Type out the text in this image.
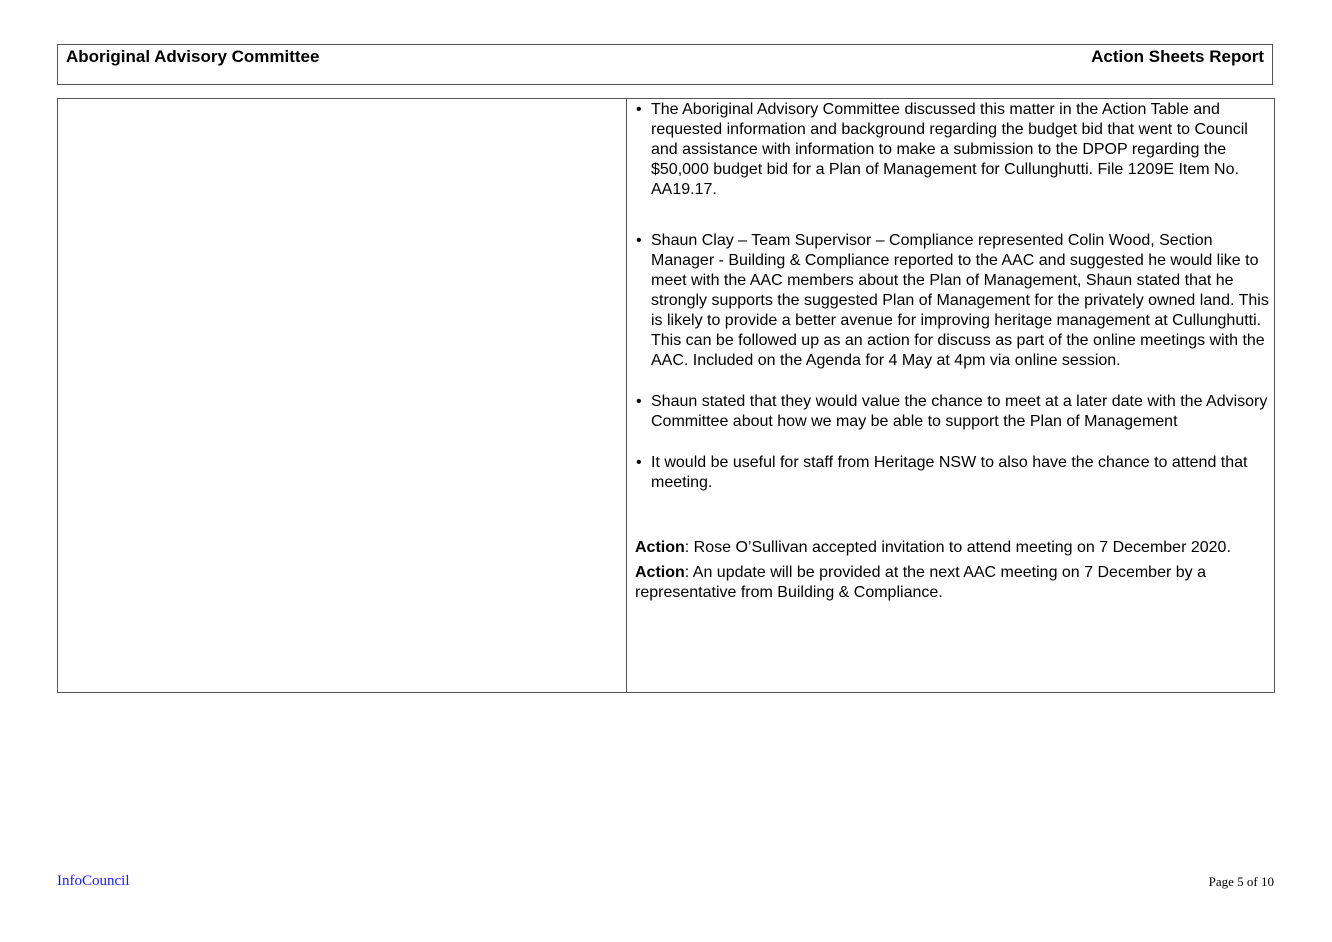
Aboriginal Advisory Committee	Action Sheets Report
• The Aboriginal Advisory Committee discussed this matter in the Action Table and requested information and background regarding the budget bid that went to Council and assistance with information to make a submission to the DPOP regarding the $50,000 budget bid for a Plan of Management for Cullunghutti. File 1209E Item No. AA19.17.
• Shaun Clay – Team Supervisor – Compliance represented Colin Wood, Section Manager - Building & Compliance reported to the AAC and suggested he would like to meet with the AAC members about the Plan of Management, Shaun stated that he strongly supports the suggested Plan of Management for the privately owned land. This is likely to provide a better avenue for improving heritage management at Cullunghutti. This can be followed up as an action for discuss as part of the online meetings with the AAC. Included on the Agenda for 4 May at 4pm via online session.
• Shaun stated that they would value the chance to meet at a later date with the Advisory Committee about how we may be able to support the Plan of Management
• It would be useful for staff from Heritage NSW to also have the chance to attend that meeting.
Action: Rose O’Sullivan accepted invitation to attend meeting on 7 December 2020.
Action: An update will be provided at the next AAC meeting on 7 December by a representative from Building & Compliance.
InfoCouncil	Page 5 of 10
